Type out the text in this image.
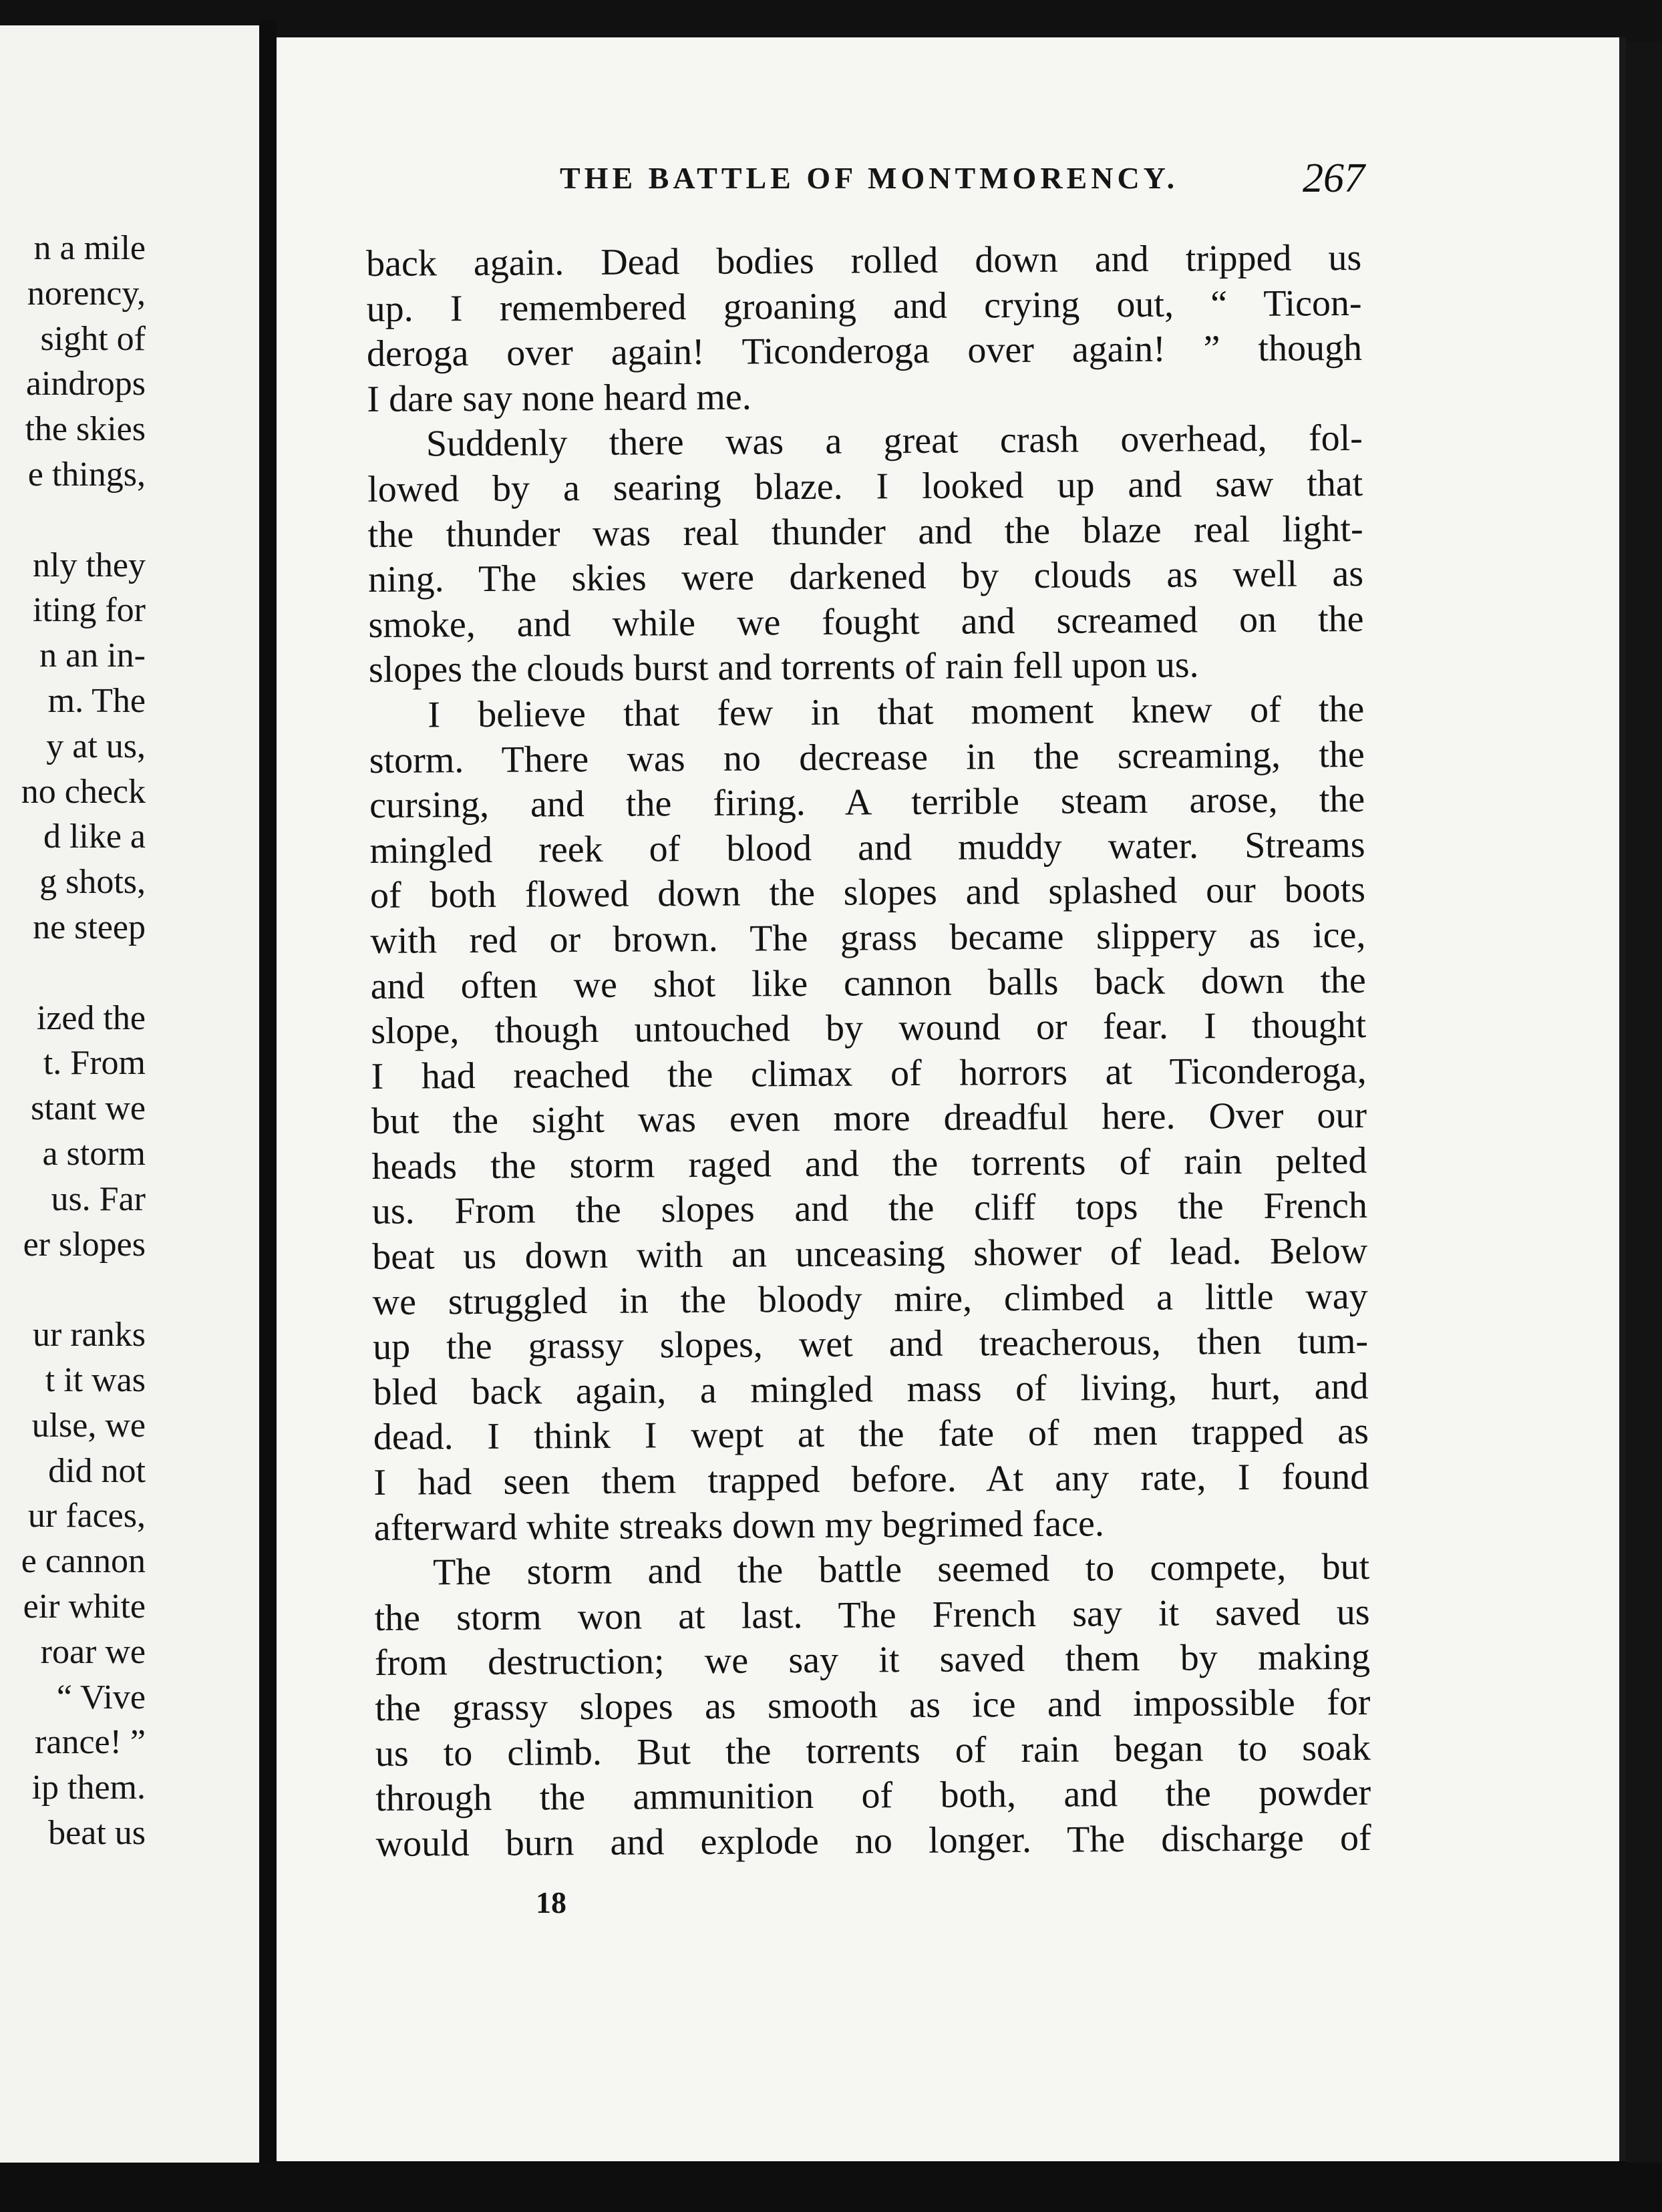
n a mile
norency,
sight of
aindrops
the skies
e things,
nly they
iting for
n an in-
m. The
y at us,
no check
d like a
g shots,
ne steep
ized the
t. From
stant we
a storm
us. Far
er slopes
ur ranks
t it was
ulse, we
did not
ur faces,
e cannon
eir white
roar we
“ Vive
rance! ”
ip them.
beat us
THE BATTLE OF MONTMORENCY.	267
back again. Dead bodies rolled down and tripped us
up. I remembered groaning and crying out, “ Ticon-
deroga over again! Ticonderoga over again! ” though
I dare say none heard me.
Suddenly there was a great crash overhead, fol-
lowed by a searing blaze. I looked up and saw that
the thunder was real thunder and the blaze real light-
ning. The skies were darkened by clouds as well as
smoke, and while we fought and screamed on the
slopes the clouds burst and torrents of rain fell upon us.
I believe that few in that moment knew of the
storm. There was no decrease in the screaming, the
cursing, and the firing. A terrible steam arose, the
mingled reek of blood and muddy water. Streams
of both flowed down the slopes and splashed our boots
with red or brown. The grass became slippery as ice,
and often we shot like cannon balls back down the
slope, though untouched by wound or fear. I thought
I had reached the climax of horrors at Ticonderoga,
but the sight was even more dreadful here. Over our
heads the storm raged and the torrents of rain pelted
us. From the slopes and the cliff tops the French
beat us down with an unceasing shower of lead. Below
we struggled in the bloody mire, climbed a little way
up the grassy slopes, wet and treacherous, then tum-
bled back again, a mingled mass of living, hurt, and
dead. I think I wept at the fate of men trapped as
I had seen them trapped before. At any rate, I found
afterward white streaks down my begrimed face.
The storm and the battle seemed to compete, but
the storm won at last. The French say it saved us
from destruction; we say it saved them by making
the grassy slopes as smooth as ice and impossible for
us to climb. But the torrents of rain began to soak
through the ammunition of both, and the powder
would burn and explode no longer. The discharge of
18
